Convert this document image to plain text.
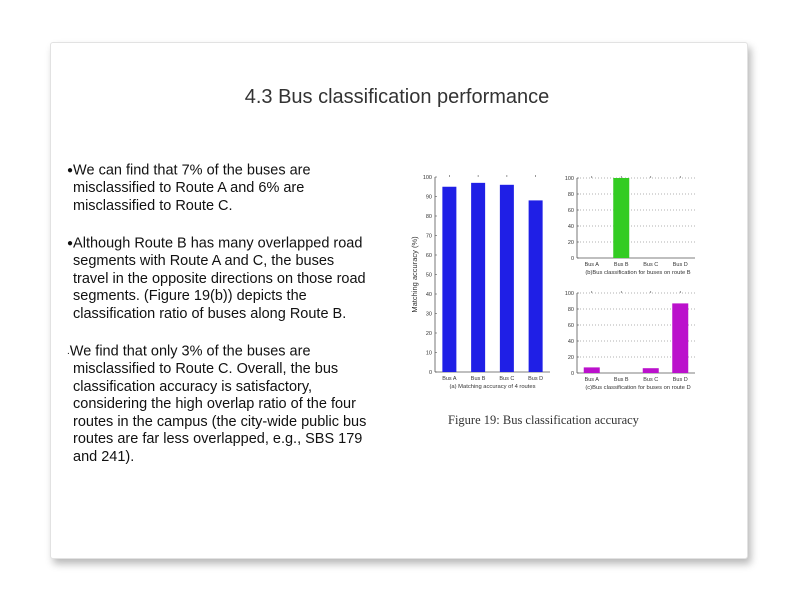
4.3 Bus classification performance
●We can find that 7% of the buses are misclassified to Route A and 6% are misclassified to Route C.
●Although Route B has many overlapped road segments with Route A and C, the buses travel in the opposite directions on those road segments. (Figure 19(b)) depicts the classification ratio of buses along Route B.
.We find that only 3% of the buses are misclassified to Route C. Overall, the bus classification accuracy is satisfactory, considering the high overlap ratio of the four routes in the campus (the city-wide public bus routes are far less overlapped, e.g., SBS 179 and 241).
0
10
20
30
40
50
60
70
80
90
100
Bus A	Bus B	Bus C	Bus D
(a) Matching accuracy of 4 routes
Matching accuracy (%)	0
20
40
60
80
100
Bus A	Bus B	Bus C	Bus D
(b)Bus classification for buses on route B
0
20
40
60
80
100
Bus A	Bus B	Bus C	Bus D
(c)Bus classification for buses on route D
Figure 19: Bus classification accuracy
